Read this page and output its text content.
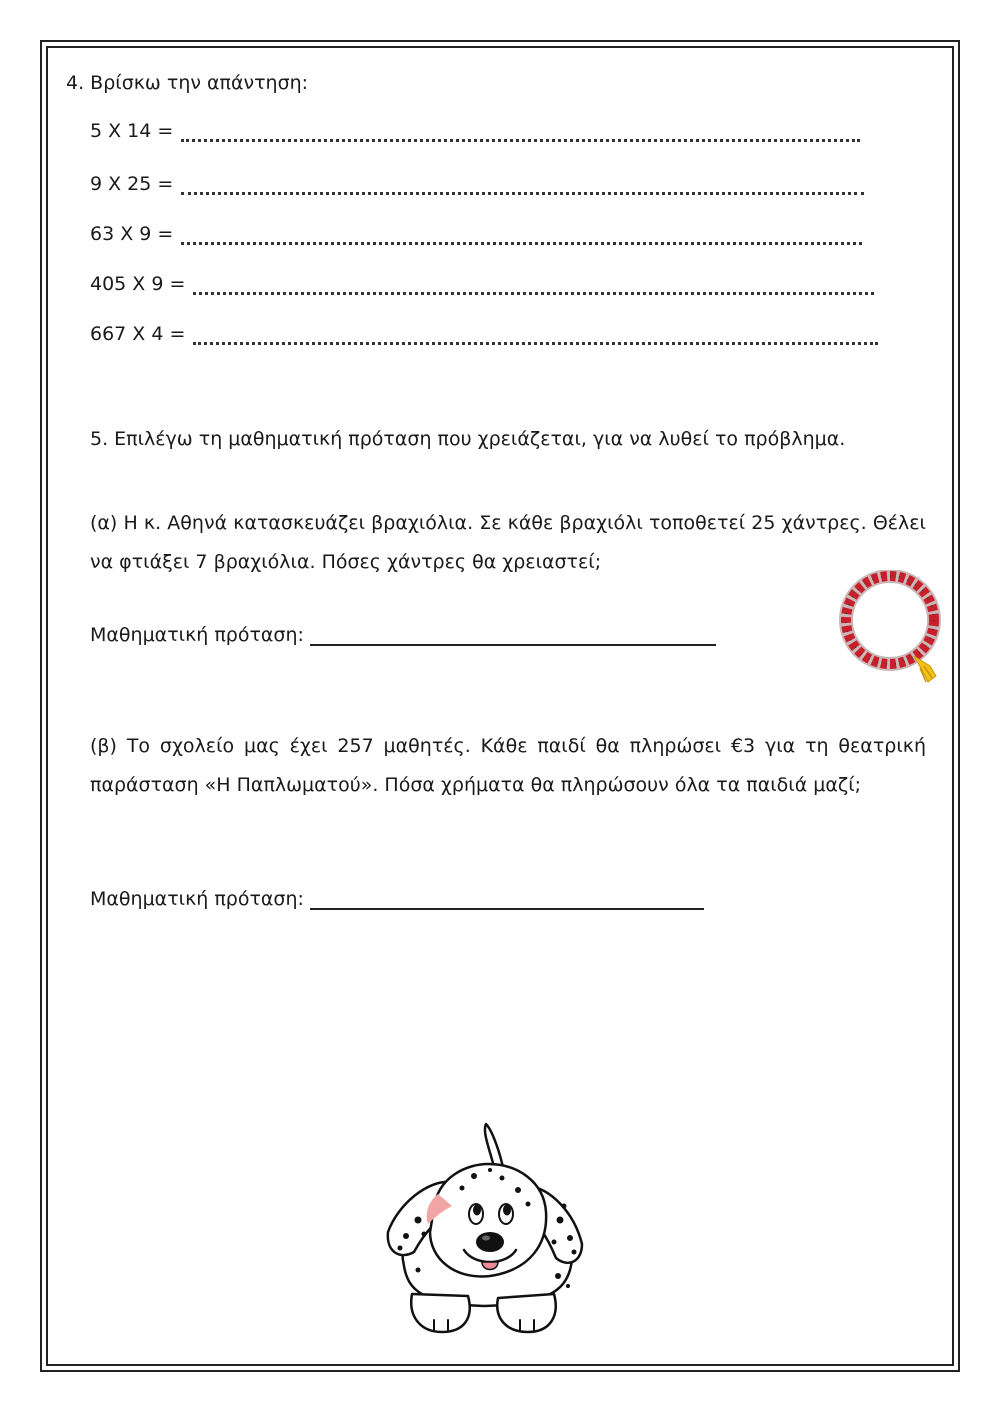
4. Βρίσκω την απάντηση:
5 Χ 14 =
9 Χ 25 =
63 Χ 9 =
405 Χ 9 =
667 Χ 4 =
5. Επιλέγω τη μαθηματική πρόταση που χρειάζεται, για να λυθεί το πρόβλημα.
(α) Η κ. Αθηνά κατασκευάζει βραχιόλια. Σε κάθε βραχιόλι τοποθετεί 25 χάντρες. Θέλει να φτιάξει 7 βραχιόλια. Πόσες χάντρες θα χρειαστεί;
Μαθηματική πρόταση:
(β) Το σχολείο μας έχει 257 μαθητές. Κάθε παιδί θα πληρώσει €3 για τη θεατρική παράσταση «Η Παπλωματού». Πόσα χρήματα θα πληρώσουν όλα τα παιδιά μαζί;
Μαθηματική πρόταση:
